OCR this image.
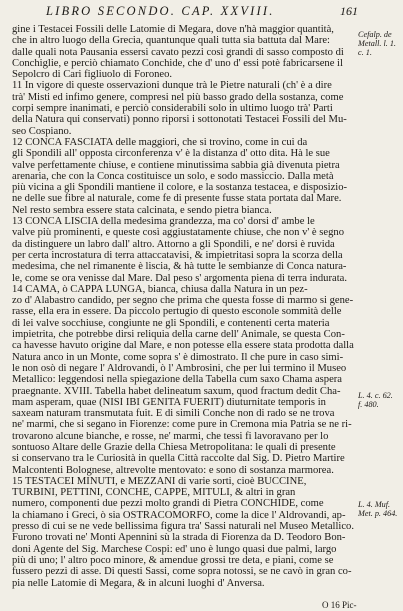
LIBRO SECONDO. CAP. XXVIII.	161
gine i Testacei Fossili delle Latomie di Megara, dove n'hà maggior quantità,
che in altro luogo della Grecia, quantunque quali tutta sia battuta dal Mare:
dalle quali nota Pausania essersi cavato pezzi così grandi di sasso composto di
Conchiglie, e perciò chiamato Conchide, che d' uno d' essi potè fabricarsene il
Sepolcro di Cari figliuolo di Foroneo.
11 In vigore di queste osservazioni dunque trà le Pietre naturali (ch' è a dire
trà' Misti ed infimo genere, compresi nel più basso grado della sostanza, come
corpi sempre inanimati, e perciò considerabili solo in ultimo luogo trà' Parti
della Natura qui conservati) ponno riporsi i sottonotati Testacei Fossili del Mu-
seo Cospiano.
12 CONCA FASCIATA delle maggiori, che si trovino, come in cui da
gli Spondili all' opposta circonferenza v' è la distanza d' otto dita. Hà le sue
valve perfettamente chiuse, e contiene minutissima sabbia già divenuta pietra
arenaria, che con la Conca costituisce un solo, e sodo massiccio. Dalla metà
più vicina a gli Spondili mantiene il colore, e la sostanza testacea, e disposizio-
ne delle sue fibre al naturale, come fe di presente fusse stata portata dal Mare.
Nel resto sembra essere stata calcinata, e sendo pietra bianca.
13 CONCA LISCIA della medesima grandezza, ma co' dorsi d' ambe le
valve più prominenti, e queste così aggiustatamente chiuse, che non v' è segno
da distinguere un labro dall' altro. Attorno a gli Spondili, e ne' dorsi è ruvida
per certa incrostatura di terra attaccatavisi, & impietritasi sopra la scorza della
medesima, che nel rimanente è liscia, & hà tutte le sembianze di Conca natura-
le, come se ora venisse dal Mare. Dal peso s' argomenta piena di terra indurata.
14 CAMA, ò CAPPA LUNGA, bianca, chiusa dalla Natura in un pez-
zo d' Alabastro candido, per segno che prima che questa fosse di marmo si gene-
rasse, ella era in essere. Da piccolo pertugio di questo esconole sommità delle
di lei valve socchiuse, congiunte ne gli Spondili, e contenenti certa materia
impietrita, che potrebbe dirsi reliquia della carne dell' Animale, se questa Con-
ca havesse havuto origine dal Mare, e non potesse ella essere stata prodotta dalla
Natura anco in un Monte, come sopra s' è dimostrato. Il che pure in caso simi-
le non osò di negare l' Aldrovandi, ò l' Ambrosini, che per lui termino il Museo
Metallico: leggendosi nella spiegazione della Tabella cum saxo Chama aspera
praegnante. XVIII. Tabella habet delineatum saxum, quod fractum dedit Cha-
mam asperam, quae (NISI IBI GENITA FUERIT) diuturnitate temporis in
saxeam naturam transmutata fuit. E di simili Conche non di rado se ne trova
ne' marmi, che si segano in Fiorenze: come pure in Cremona mia Patria se ne ri-
trovarono alcune bianche, e rosse, ne' marmi, che tessi fi lavoravano per lo
sontuoso Altare delle Grazie della Chiesa Metropolitana: le quali di presente
si conservano tra le Curiosità in quella Città raccolte dal Sig. D. Pietro Martire
Malcontenti Bolognese, altrevolte mentovato: e sono di sostanza marmorea.
15 TESTACEI MINUTI, e MEZZANI di varie sorti, cioè BUCCINE,
TURBINI, PETTINI, CONCHE, CAPPE, MITULI, & altri in gran
numero, componenti due pezzi molto grandi di Pietra CONCHIDE, come
la chiamano i Greci, ò sia OSTRACOMORFO, come la dice l' Aldrovandi, ap-
presso di cui se ne vede bellissima figura tra' Sassi naturali nel Museo Metallico.
Furono trovati ne' Monti Apennini sù la strada di Fiorenza da D. Teodoro Bon-
doni Agente del Sig. Marchese Cospi: ed' uno è lungo quasi due palmi, largo
più di uno; l' altro poco minore, & amendue grossi tre deta, e piani, come se
fussero pezzi di asse. Di questi Sassi, come sopra notossi, se ne cavò in gran co-
pia nelle Latomie di Megara, & in alcuni luoghi d' Anversa.
Cefalp. de
Metall. l. 1.
c. 1.
L. 4. c. 62.
f. 480.
L. 4. Muf.
Met. p. 464.
O 16 Pic-
